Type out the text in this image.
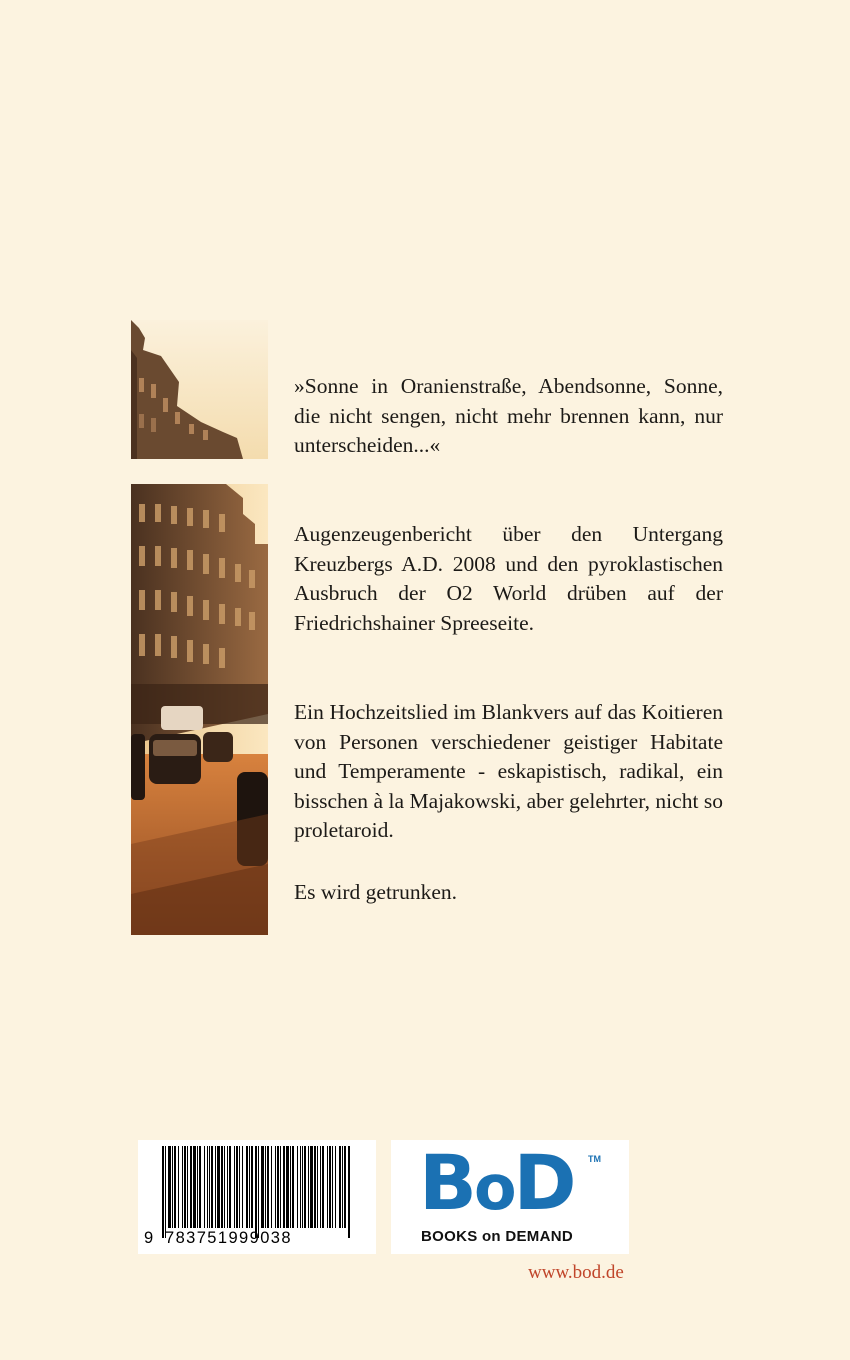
»Sonne in Oranienstraße, Abendsonne, Sonne, die nicht sengen, nicht mehr brennen kann, nur unterscheiden...«
Augenzeugenbericht über den Untergang Kreuzbergs A.D. 2008 und den pyroklastischen Ausbruch der O2 World drüben auf der Friedrichshainer Spreeseite.
Ein Hochzeitslied im Blankvers auf das Koitieren von Personen verschiedener geistiger Habitate und Temperamente - eskapistisch, radikal, ein bisschen à la Majakowski, aber gelehrter, nicht so proletaroid.
Es wird getrunken.
9 783751999038
BoD TM
BOOKS on DEMAND
www.bod.de
